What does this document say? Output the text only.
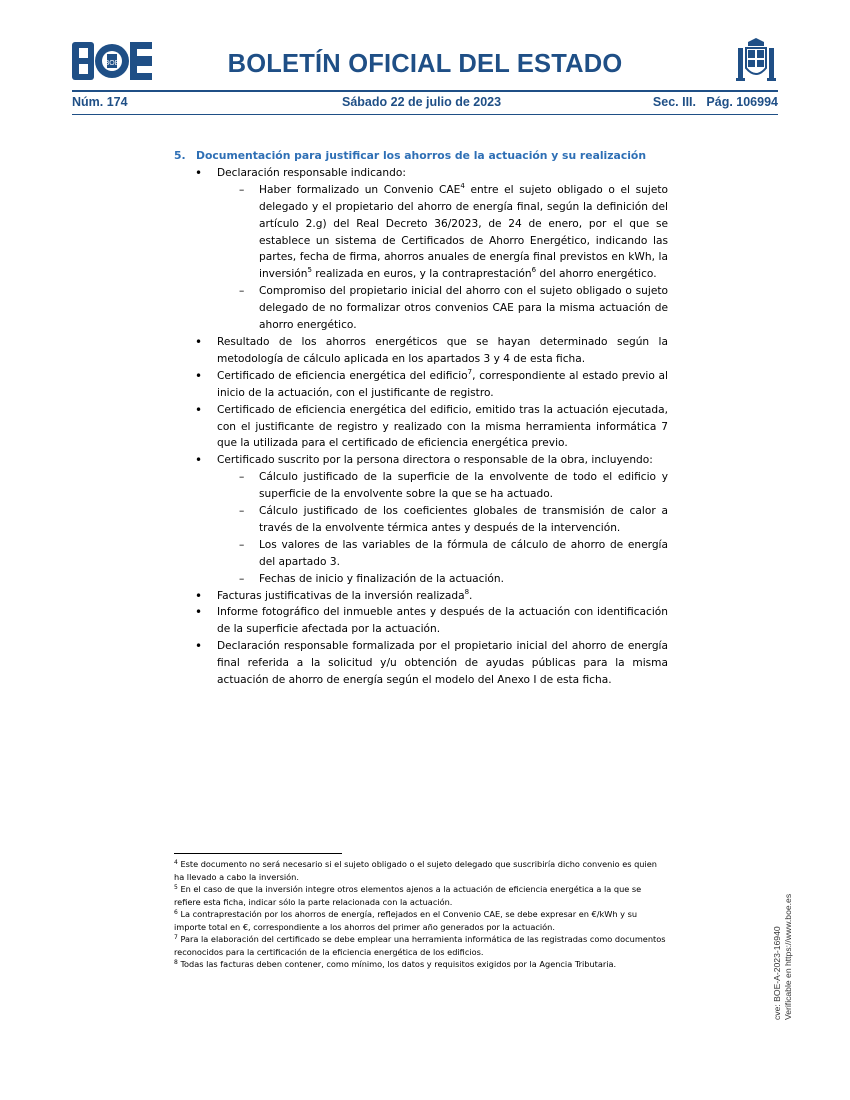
BOE	BOLETÍN OFICIAL DEL ESTADO
Núm. 174	Sábado 22 de julio de 2023	Sec. III.   Pág. 106994
5. Documentación para justificar los ahorros de la actuación y su realización
• Declaración responsable indicando:
– Haber formalizado un Convenio CAE$^4$ entre el sujeto obligado o el sujeto delegado y el propietario del ahorro de energía final, según la definición del artículo 2.g) del Real Decreto 36/2023, de 24 de enero, por el que se establece un sistema de Certificados de Ahorro Energético, indicando las partes, fecha de firma, ahorros anuales de energía final previstos en kWh, la inversión$^5$ realizada en euros, y la contraprestación$^6$ del ahorro energético.
– Compromiso del propietario inicial del ahorro con el sujeto obligado o sujeto delegado de no formalizar otros convenios CAE para la misma actuación de ahorro energético.
• Resultado de los ahorros energéticos que se hayan determinado según la metodología de cálculo aplicada en los apartados 3 y 4 de esta ficha.
• Certificado de eficiencia energética del edificio$^7$, correspondiente al estado previo al inicio de la actuación, con el justificante de registro.
• Certificado de eficiencia energética del edificio, emitido tras la actuación ejecutada, con el justificante de registro y realizado con la misma herramienta informática 7 que la utilizada para el certificado de eficiencia energética previo.
• Certificado suscrito por la persona directora o responsable de la obra, incluyendo:
– Cálculo justificado de la superficie de la envolvente de todo el edificio y superficie de la envolvente sobre la que se ha actuado.
– Cálculo justificado de los coeficientes globales de transmisión de calor a través de la envolvente térmica antes y después de la intervención.
– Los valores de las variables de la fórmula de cálculo de ahorro de energía del apartado 3.
– Fechas de inicio y finalización de la actuación.
• Facturas justificativas de la inversión realizada$^8$.
• Informe fotográfico del inmueble antes y después de la actuación con identificación de la superficie afectada por la actuación.
• Declaración responsable formalizada por el propietario inicial del ahorro de energía final referida a la solicitud y/u obtención de ayudas públicas para la misma actuación de ahorro de energía según el modelo del Anexo I de esta ficha.

$^4$ Este documento no será necesario si el sujeto obligado o el sujeto delegado que suscribiría dicho convenio es quien ha llevado a cabo la inversión.

$^5$ En el caso de que la inversión integre otros elementos ajenos a la actuación de eficiencia energética a la que se refiere esta ficha, indicar sólo la parte relacionada con la actuación.

$^6$ La contraprestación por los ahorros de energía, reflejados en el Convenio CAE, se debe expresar en €/kWh y su importe total en €, correspondiente a los ahorros del primer año generados por la actuación.

$^7$ Para la elaboración del certificado se debe emplear una herramienta informática de las registradas como documentos reconocidos para la certificación de la eficiencia energética de los edificios.

$^8$ Todas las facturas deben contener, como mínimo, los datos y requisitos exigidos por la Agencia Tributaria.	cve: BOE-A-2023-16940 Verificable en https://www.boe.es
